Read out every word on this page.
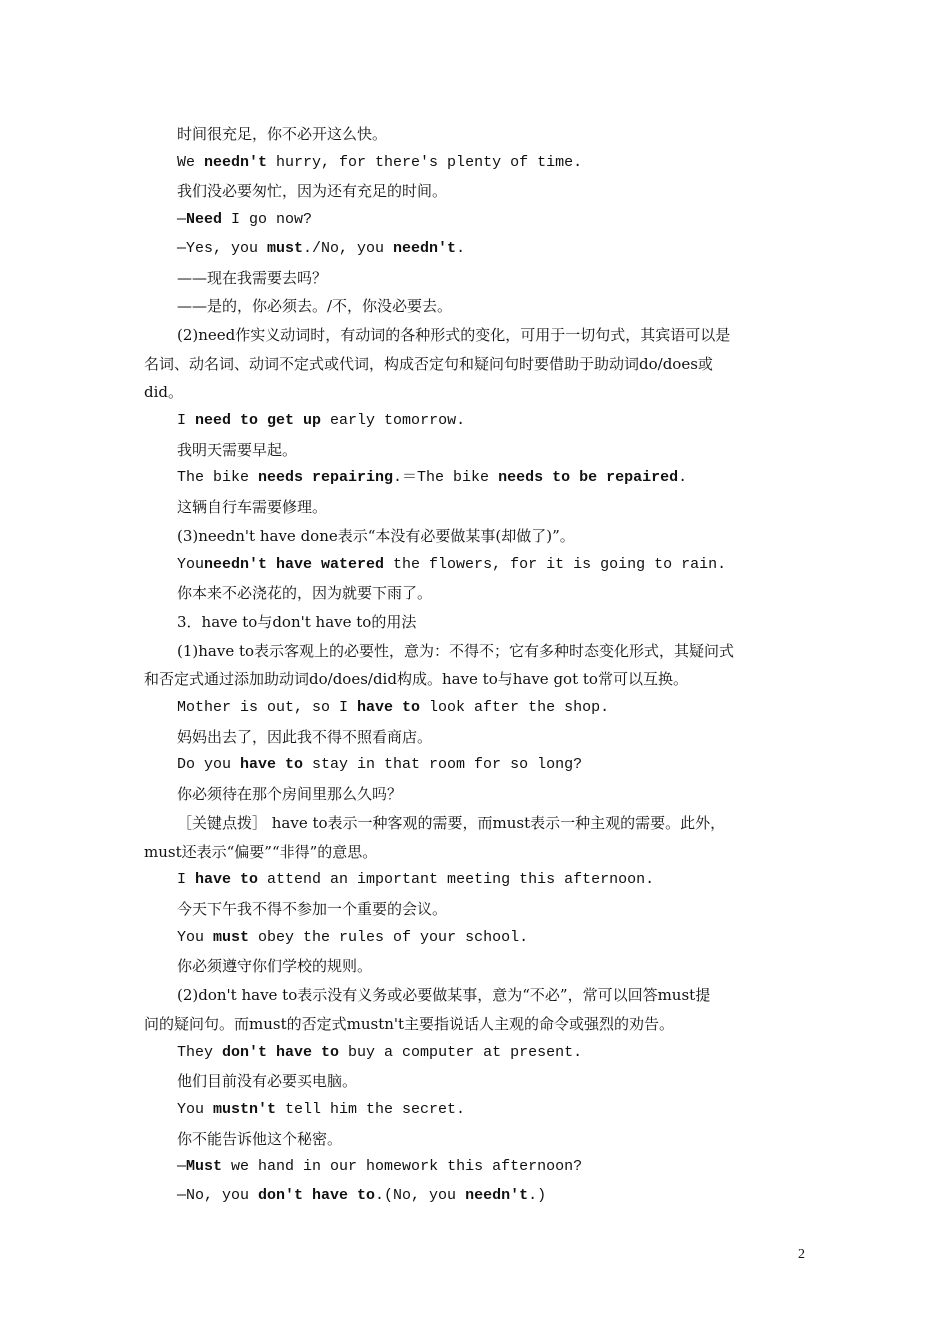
时间很充足，你不必开这么快。
We needn't hurry, for there's plenty of time.
我们没必要匆忙，因为还有充足的时间。
—Need I go now?
—Yes, you must./No, you needn't.
——现在我需要去吗？
——是的，你必须去。/不，你没必要去。
(2)need作实义动词时，有动词的各种形式的变化，可用于一切句式，其宾语可以是
名词、动名词、动词不定式或代词，构成否定句和疑问句时要借助于助动词do/does或
did。
I need to get up early tomorrow.
我明天需要早起。
The bike needs repairing.＝The bike needs to be repaired.
这辆自行车需要修理。
(3)needn't have done表示“本没有必要做某事(却做了)”。
Youneedn't have watered the flowers, for it is going to rain.
你本来不必浇花的，因为就要下雨了。
3．have to与don't have to的用法
(1)have to表示客观上的必要性，意为：不得不；它有多种时态变化形式，其疑问式
和否定式通过添加助动词do/does/did构成。have to与have got to常可以互换。
Mother is out, so I have to look after the shop.
妈妈出去了，因此我不得不照看商店。
Do you have to stay in that room for so long?
你必须待在那个房间里那么久吗？
［关键点拨］ have to表示一种客观的需要，而must表示一种主观的需要。此外，
must还表示“偏要”“非得”的意思。
I have to attend an important meeting this afternoon.
今天下午我不得不参加一个重要的会议。
You must obey the rules of your school.
你必须遵守你们学校的规则。
(2)don't have to表示没有义务或必要做某事，意为“不必”，常可以回答must提
问的疑问句。而must的否定式mustn't主要指说话人主观的命令或强烈的劝告。
They don't have to buy a computer at present.
他们目前没有必要买电脑。
You mustn't tell him the secret.
你不能告诉他这个秘密。
—Must we hand in our homework this afternoon?
—No, you don't have to.(No, you needn't.)
2
